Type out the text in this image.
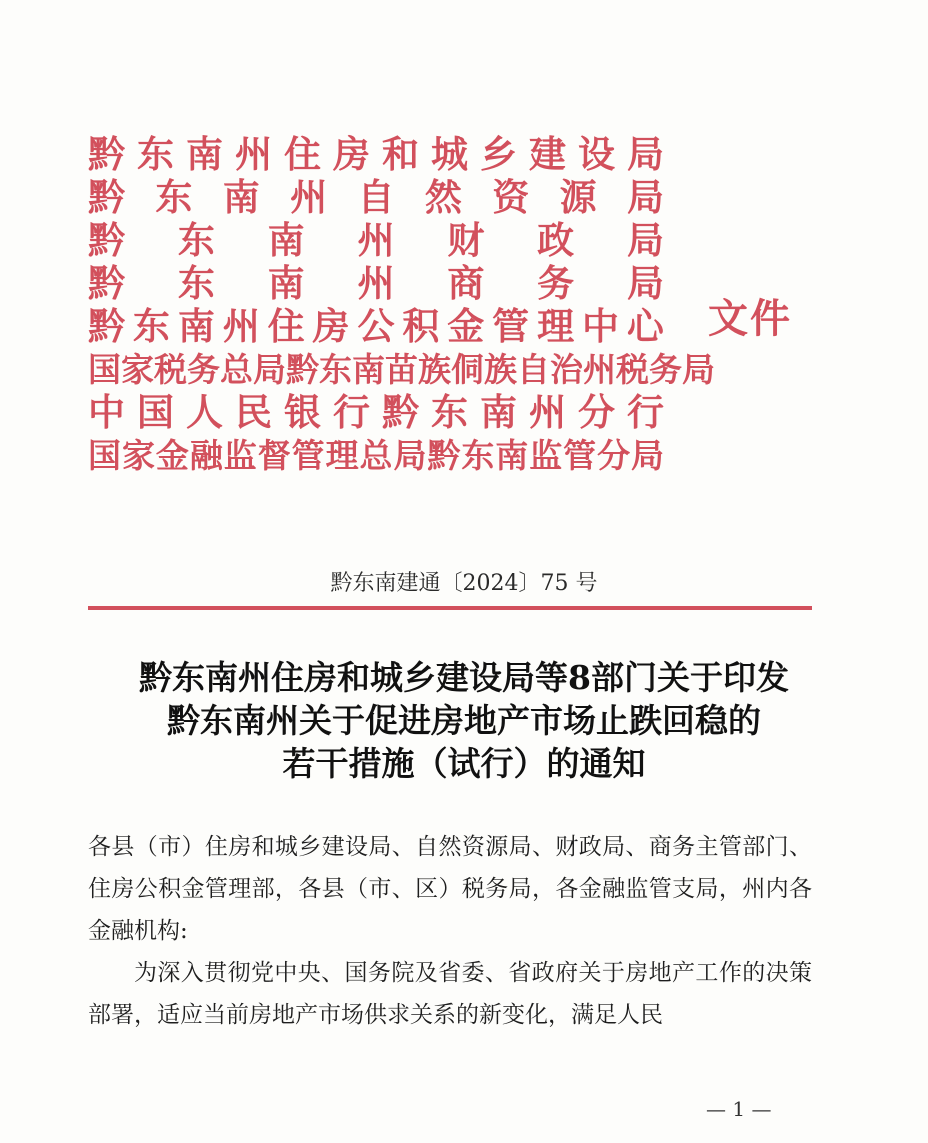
黔 东 南 州 住 房 和 城 乡 建 设 局
黔 东 南 州 自 然 资 源 局
黔 东 南 州 财 政 局
黔 东 南 州 商 务 局
黔 东 南 州 住 房 公 积 金 管 理 中 心
国 家 税 务 总 局 黔 东 南 苗 族 侗 族 自 治 州 税 务 局
中 国 人 民 银 行 黔 东 南 州 分 行
国 家 金 融 监 督 管 理 总 局 黔 东 南 监 管 分 局
文件
黔东南建通〔2024〕75 号
黔东南州住房和城乡建设局等8部门关于印发
黔东南州关于促进房地产市场止跌回稳的
若干措施（试行）的通知

各县（市）住房和城乡建设局、自然资源局、财政局、商务主管部门、住房公积金管理部，各县（市、区）税务局，各金融监管支局，州内各金融机构:

为深入贯彻党中央、国务院及省委、省政府关于房地产工作的决策部署，适应当前房地产市场供求关系的新变化，满足人民

— 1 —
